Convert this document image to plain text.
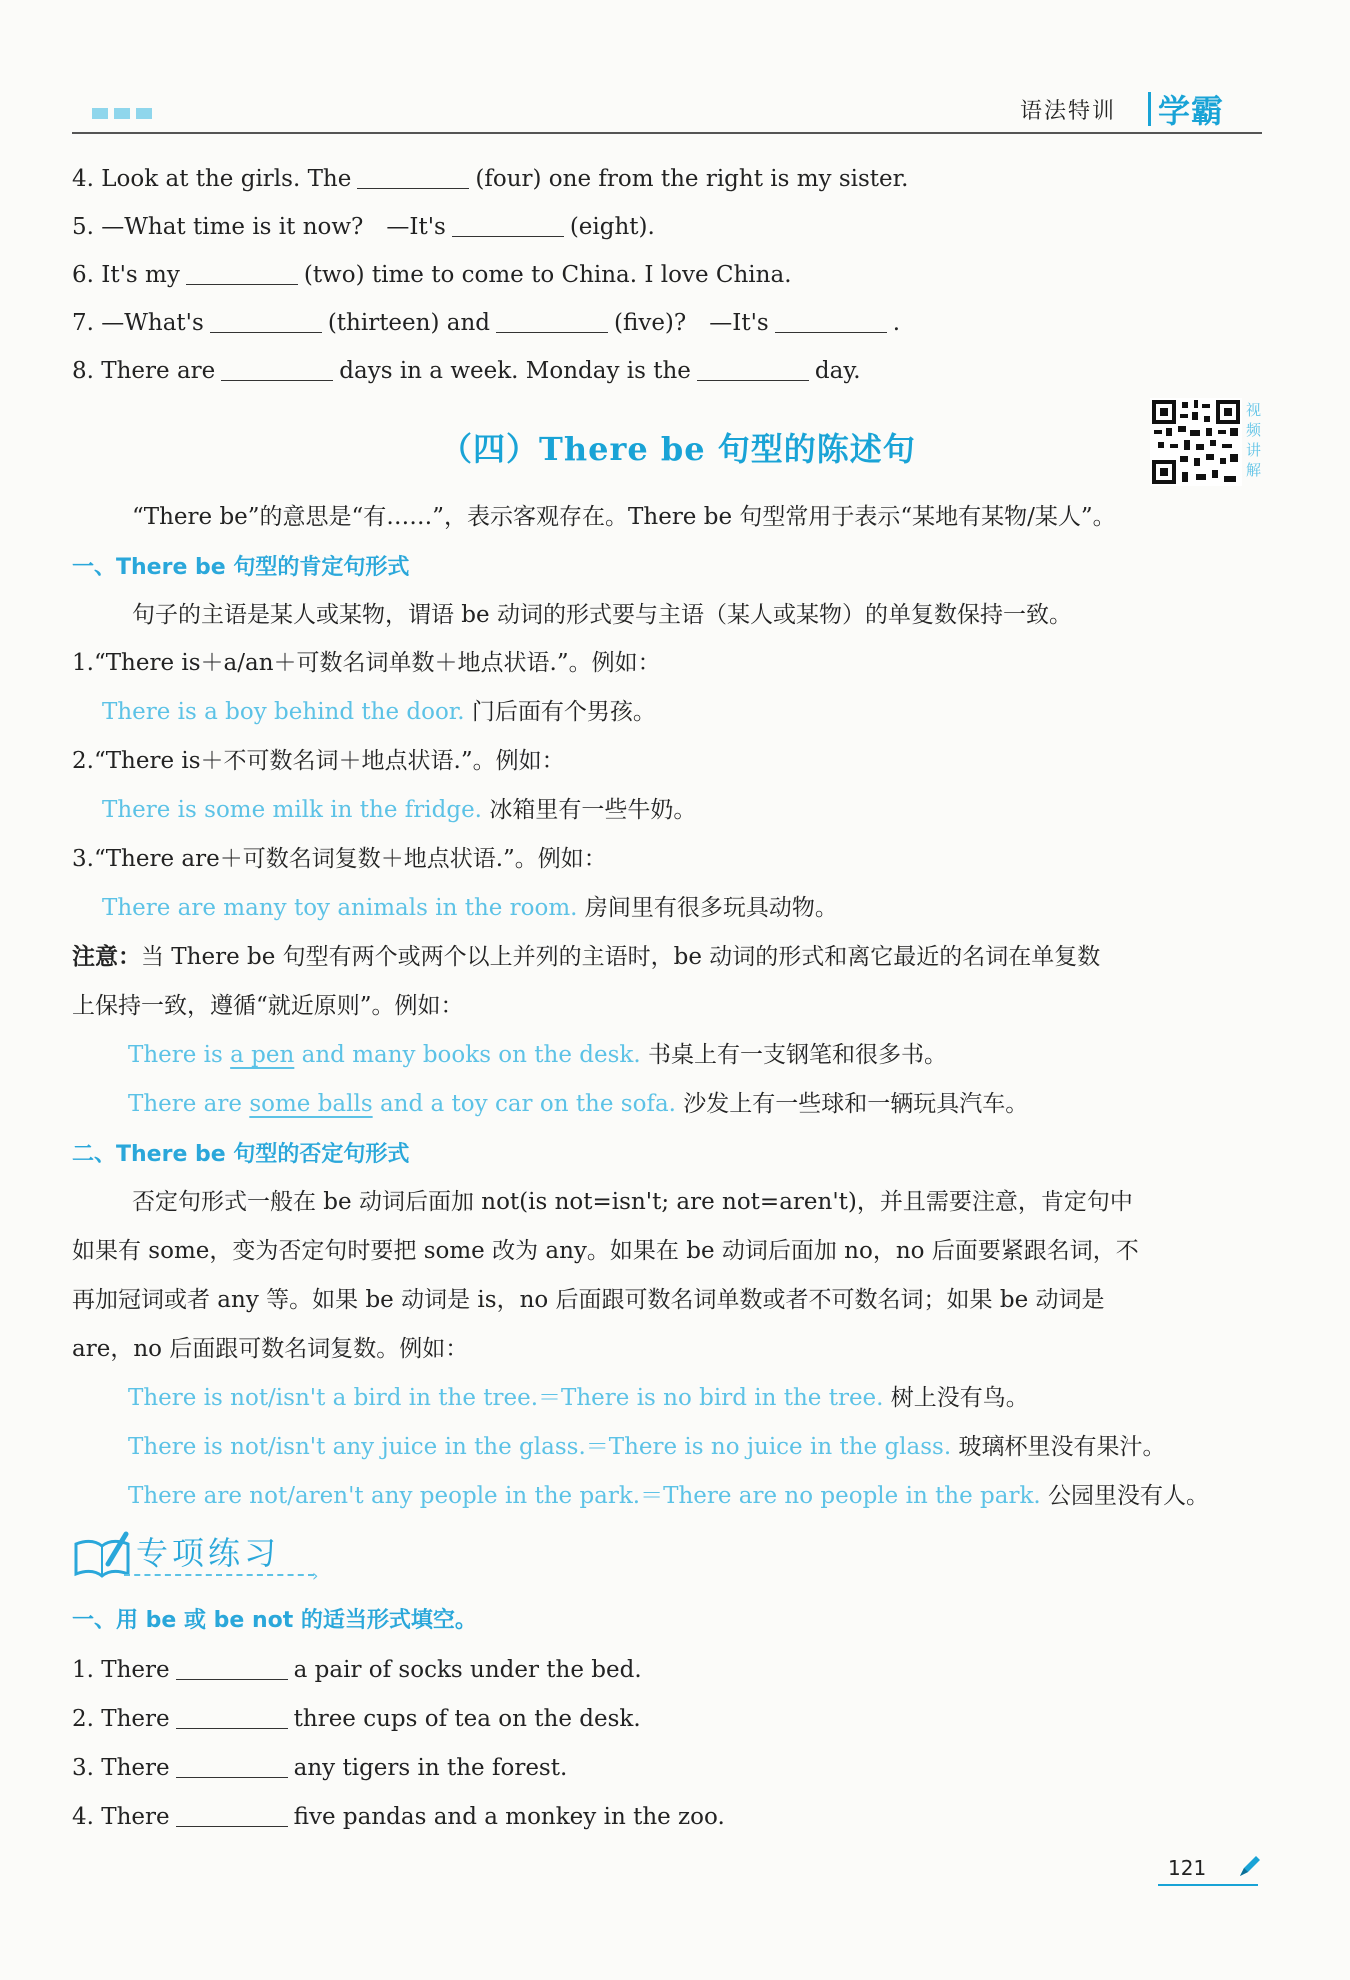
语法特训 学霸
4. Look at the girls. The	(four) one from the right is my sister.
5. —What time is it now?　—It's	(eight).
6. It's my	(two) time to come to China. I love China.
7. —What's	(thirteen) and	(five)?　—It's	.
8. There are	days in a week. Monday is the	day.
视频讲解
（四）There be 句型的陈述句
“There be”的意思是“有……”，表示客观存在。There be 句型常用于表示“某地有某物/某人”。
一、There be 句型的肯定句形式
句子的主语是某人或某物，谓语 be 动词的形式要与主语（某人或某物）的单复数保持一致。
1.“There is＋a/an＋可数名词单数＋地点状语.”。例如：
There is a boy behind the door. 门后面有个男孩。
2.“There is＋不可数名词＋地点状语.”。例如：
There is some milk in the fridge. 冰箱里有一些牛奶。
3.“There are＋可数名词复数＋地点状语.”。例如：
There are many toy animals in the room. 房间里有很多玩具动物。
注意：当 There be 句型有两个或两个以上并列的主语时，be 动词的形式和离它最近的名词在单复数
上保持一致，遵循“就近原则”。例如：
There is a pen and many books on the desk. 书桌上有一支钢笔和很多书。
There are some balls and a toy car on the sofa. 沙发上有一些球和一辆玩具汽车。
二、There be 句型的否定句形式
否定句形式一般在 be 动词后面加 not(is not=isn't; are not=aren't)，并且需要注意，肯定句中
如果有 some，变为否定句时要把 some 改为 any。如果在 be 动词后面加 no，no 后面要紧跟名词，不
再加冠词或者 any 等。如果 be 动词是 is，no 后面跟可数名词单数或者不可数名词；如果 be 动词是
are，no 后面跟可数名词复数。例如：
There is not/isn't a bird in the tree.＝There is no bird in the tree. 树上没有鸟。
There is not/isn't any juice in the glass.＝There is no juice in the glass. 玻璃杯里没有果汁。
There are not/aren't any people in the park.＝There are no people in the park. 公园里没有人。
专项练习
›
一、用 be 或 be not 的适当形式填空。
1. There	a pair of socks under the bed.
2. There	three cups of tea on the desk.
3. There	any tigers in the forest.
4. There	five pandas and a monkey in the zoo.
121
